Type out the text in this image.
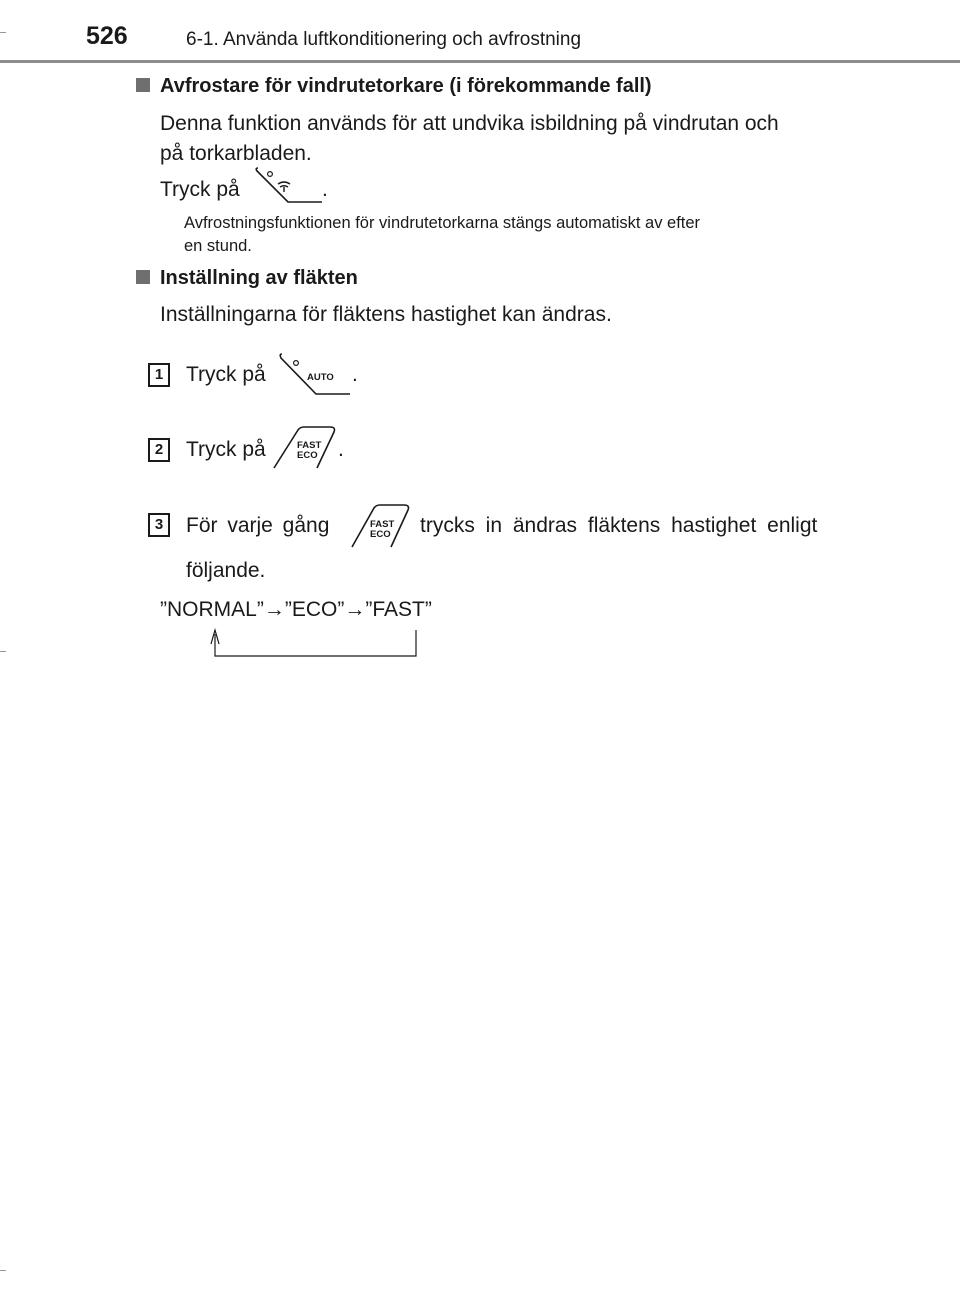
526	6-1. Använda luftkonditionering och avfrostning
Avfrostare för vindrutetorkare (i förekommande fall)
Denna funktion används för att undvika isbildning på vindrutan och
på torkarbladen.
Tryck på	.
Avfrostningsfunktionen för vindrutetorkarna stängs automatiskt av efter
en stund.
Inställning av fläkten
Inställningarna för fläktens hastighet kan ändras.
1	Tryck på	AUTO .
2	Tryck på	FAST
ECO .
3	För varje gång	FAST
ECO trycks in ändras fläktens hastighet enligt
följande.
”NORMAL”→”ECO”→”FAST”
